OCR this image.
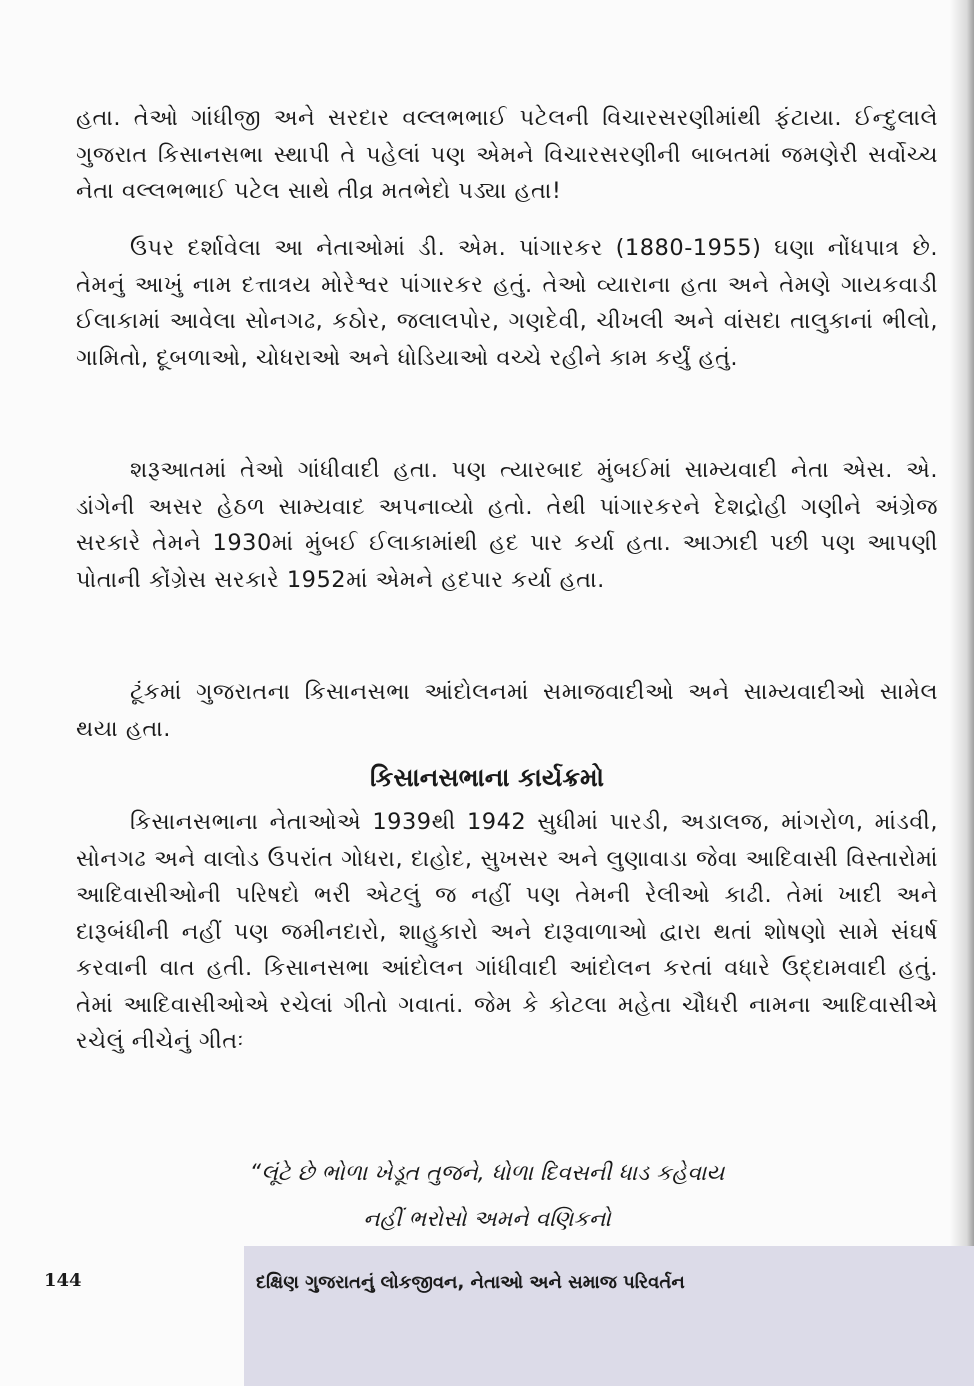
હતા. તેઓ ગાંધીજી અને સરદાર વલ્લભભાઈ પટેલની વિચારસરણીમાંથી ફંટાયા. ઈન્દુલાલે ગુજરાત કિસાનસભા સ્થાપી તે પહેલાં પણ એમને વિચારસરણીની બાબતમાં જમણેરી સર્વોચ્ચ નેતા વલ્લભભાઈ પટેલ સાથે તીવ્ર મતભેદો પડ્યા હતા!

ઉપર દર્શાવેલા આ નેતાઓમાં ડી. એમ. પાંગારકર (1880-1955) ઘણા નોંધપાત્ર છે. તેમનું આખું નામ દત્તાત્રય મોરેશ્વર પાંગારકર હતું. તેઓ વ્યારાના હતા અને તેમણે ગાયકવાડી ઈલાકામાં આવેલા સોનગઢ, કઠોર, જલાલપોર, ગણદેવી, ચીખલી અને વાંસદા તાલુકાનાં ભીલો, ગામિતો, દૂબળાઓ, ચોધરાઓ અને ધોડિયાઓ વચ્ચે રહીને કામ કર્યું હતું.

શરૂઆતમાં તેઓ ગાંધીવાદી હતા. પણ ત્યારબાદ મુંબઈમાં સામ્યવાદી નેતા એસ. એ. ડાંગેની અસર હેઠળ સામ્યવાદ અપનાવ્યો હતો. તેથી પાંગારકરને દેશદ્રોહી ગણીને અંગ્રેજ સરકારે તેમને 1930માં મુંબઈ ઈલાકામાંથી હદ પાર કર્યા હતા. આઝાદી પછી પણ આપણી પોતાની કોંગ્રેસ સરકારે 1952માં એમને હદપાર કર્યા હતા.

ટૂંકમાં ગુજરાતના કિસાનસભા આંદોલનમાં સમાજવાદીઓ અને સામ્યવાદીઓ સામેલ થયા હતા.

કિસાનસભાના કાર્યક્રમો

કિસાનસભાના નેતાઓએ 1939થી 1942 સુધીમાં પારડી, અડાલજ, માંગરોળ, માંડવી, સોનગઢ અને વાલોડ ઉપરાંત ગોધરા, દાહોદ, સુખસર અને લુણાવાડા જેવા આદિવાસી વિસ્તારોમાં આદિવાસીઓની પરિષદો ભરી એટલું જ નહીં પણ તેમની રેલીઓ કાઢી. તેમાં ખાદી અને દારૂબંધીની નહીં પણ જમીનદારો, શાહુકારો અને દારૂવાળાઓ દ્વારા થતાં શોષણો સામે સંઘર્ષ કરવાની વાત હતી. કિસાનસભા આંદોલન ગાંધીવાદી આંદોલન કરતાં વધારે ઉદ્દામવાદી હતું. તેમાં આદિવાસીઓએ રચેલાં ગીતો ગવાતાં. જેમ કે કોટલા મહેતા ચૌધરી નામના આદિવાસીએ રચેલું નીચેનું ગીતઃ

“લૂંટે છે ભોળા ખેડૂત તુજને, ધોળા દિવસની ધાડ કહેવાય
નહીં ભરોસો અમને વણિકનો
144	દક્ષિણ ગુજરાતનું લોકજીવન, નેતાઓ અને સમાજ પરિવર્તન
